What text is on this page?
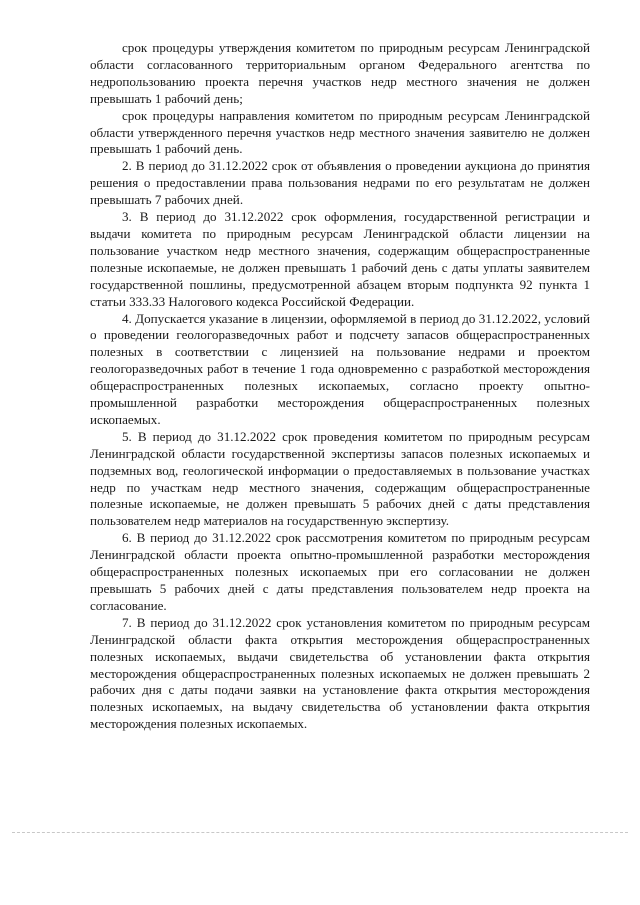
срок процедуры утверждения комитетом по природным ресурсам Ленинградской области согласованного территориальным органом Федерального агентства по недропользованию проекта перечня участков недр местного значения не должен превышать 1 рабочий день;

срок процедуры направления комитетом по природным ресурсам Ленинградской области утвержденного перечня участков недр местного значения заявителю не должен превышать 1 рабочий день.

2. В период до 31.12.2022 срок от объявления о проведении аукциона до принятия решения о предоставлении права пользования недрами по его результатам не должен превышать 7 рабочих дней.

3. В период до 31.12.2022 срок оформления, государственной регистрации и выдачи комитета по природным ресурсам Ленинградской области лицензии на пользование участком недр местного значения, содержащим общераспространенные полезные ископаемые, не должен превышать 1 рабочий день с даты уплаты заявителем государственной пошлины, предусмотренной абзацем вторым подпункта 92 пункта 1 статьи 333.33 Налогового кодекса Российской Федерации.

4. Допускается указание в лицензии, оформляемой в период до 31.12.2022, условий о проведении геологоразведочных работ и подсчету запасов общераспространенных полезных в соответствии с лицензией на пользование недрами и проектом геологоразведочных работ в течение 1 года одновременно с разработкой месторождения общераспространенных полезных ископаемых, согласно проекту опытно-промышленной разработки месторождения общераспространенных полезных ископаемых.

5. В период до 31.12.2022 срок проведения комитетом по природным ресурсам Ленинградской области государственной экспертизы запасов полезных ископаемых и подземных вод, геологической информации о предоставляемых в пользование участках недр по участкам недр местного значения, содержащим общераспространенные полезные ископаемые, не должен превышать 5 рабочих дней с даты представления пользователем недр материалов на государственную экспертизу.

6. В период до 31.12.2022 срок рассмотрения комитетом по природным ресурсам Ленинградской области проекта опытно-промышленной разработки месторождения общераспространенных полезных ископаемых при его согласовании не должен превышать 5 рабочих дней с даты представления пользователем недр проекта на согласование.

7. В период до 31.12.2022 срок установления комитетом по природным ресурсам Ленинградской области факта открытия месторождения общераспространенных полезных ископаемых, выдачи свидетельства об установлении факта открытия месторождения общераспространенных полезных ископаемых не должен превышать 2 рабочих дня с даты подачи заявки на установление факта открытия месторождения полезных ископаемых, на выдачу свидетельства об установлении факта открытия месторождения полезных ископаемых.
